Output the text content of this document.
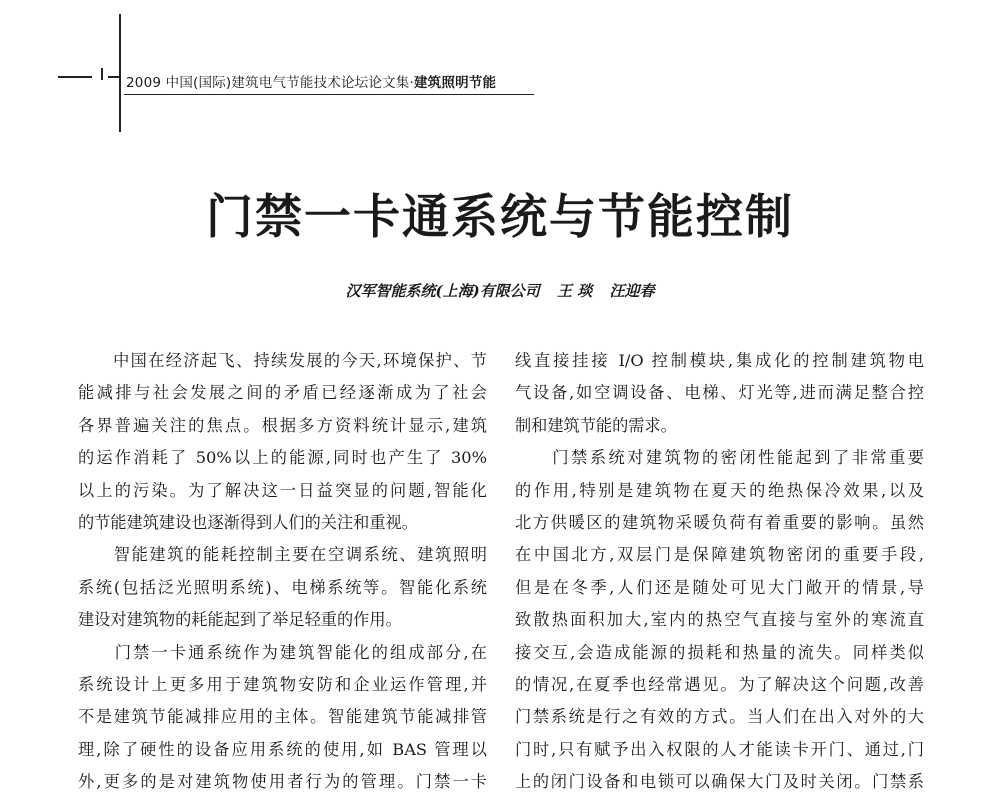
2009 中国(国际)建筑电气节能技术论坛论文集·建筑照明节能
门禁一卡通系统与节能控制
汉军智能系统(上海)有限公司 王 琰 汪迎春
　　中国在经济起飞、持续发展的今天,环境保护、节
能减排与社会发展之间的矛盾已经逐渐成为了社会
各界普遍关注的焦点。根据多方资料统计显示,建筑
的运作消耗了 50%以上的能源,同时也产生了 30%
以上的污染。为了解决这一日益突显的问题,智能化
的节能建筑建设也逐渐得到人们的关注和重视。
　　智能建筑的能耗控制主要在空调系统、建筑照明
系统(包括泛光照明系统)、电梯系统等。智能化系统
建设对建筑物的耗能起到了举足轻重的作用。
　　门禁一卡通系统作为建筑智能化的组成部分,在
系统设计上更多用于建筑物安防和企业运作管理,并
不是建筑节能减排应用的主体。智能建筑节能减排管
理,除了硬性的设备应用系统的使用,如 BAS 管理以
外,更多的是对建筑物使用者行为的管理。门禁一卡
线直接挂接 I/O 控制模块,集成化的控制建筑物电
气设备,如空调设备、电梯、灯光等,进而满足整合控
制和建筑节能的需求。
　　门禁系统对建筑物的密闭性能起到了非常重要
的作用,特别是建筑物在夏天的绝热保冷效果,以及
北方供暖区的建筑物采暖负荷有着重要的影响。虽然
在中国北方,双层门是保障建筑物密闭的重要手段,
但是在冬季,人们还是随处可见大门敞开的情景,导
致散热面积加大,室内的热空气直接与室外的寒流直
接交互,会造成能源的损耗和热量的流失。同样类似
的情况,在夏季也经常遇见。为了解决这个问题,改善
门禁系统是行之有效的方式。当人们在出入对外的大
门时,只有赋予出入权限的人才能读卡开门、通过,门
上的闭门设备和电锁可以确保大门及时关闭。门禁系
